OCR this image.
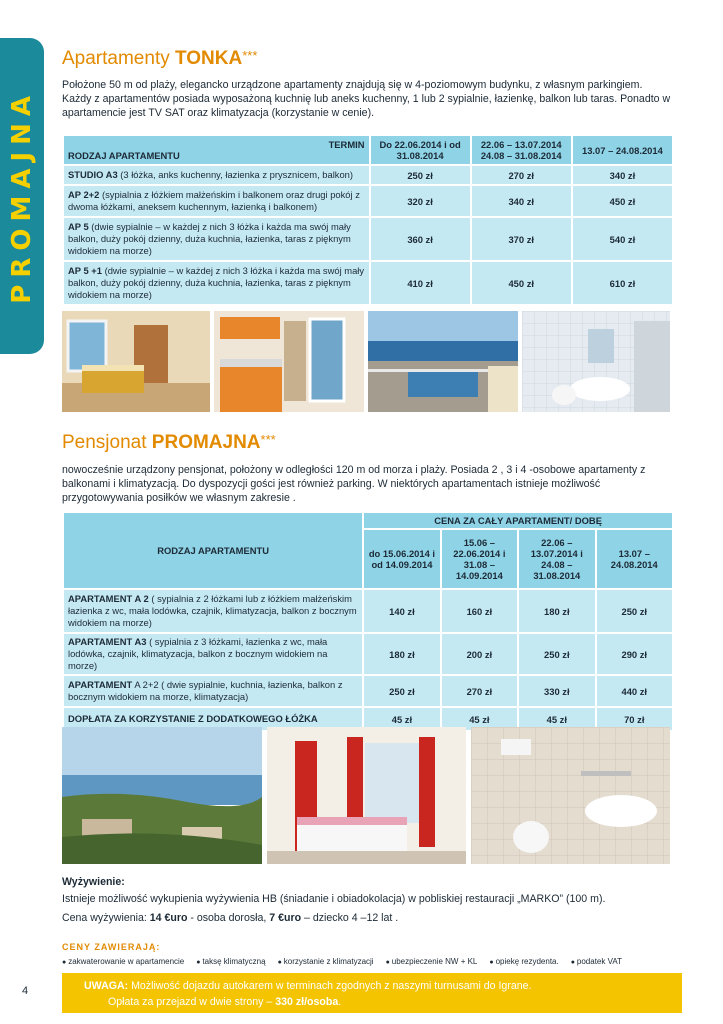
PROMAJNA
Apartamenty TONKA***
Położone 50 m od plaży, elegancko urządzone apartamenty znajdują się w 4-poziomowym budynku, z własnym parkingiem. Każdy z apartamentów posiada wyposażoną kuchnię lub aneks kuchenny, 1 lub 2 sypialnie, łazienkę, balkon lub taras. Ponadto w apartamencie jest TV SAT oraz klimatyzacja (korzystanie w cenie).
TERMIN
RODZAJ APARTAMENTU	Do 22.06.2014 i od 31.08.2014	22.06 – 13.07.2014 24.08 – 31.08.2014	13.07 – 24.08.2014
STUDIO A3 (3 łóżka, anks kuchenny, łazienka z prysznicem, balkon)	250 zł	270 zł	340 zł
AP 2+2 (sypialnia z łóżkiem małżeńskim i balkonem oraz drugi pokój z dwoma łóżkami, aneksem kuchennym, łazienką i balkonem)	320 zł	340 zł	450 zł
AP 5 (dwie sypialnie – w każdej z nich 3 łóżka i każda ma swój mały balkon, duży pokój dzienny, duża kuchnia, łazienka, taras z pięknym widokiem na morze)	360 zł	370 zł	540 zł
AP 5 +1 (dwie sypialnie – w każdej z nich 3 łóżka i każda ma swój mały balkon, duży pokój dzienny, duża kuchnia, łazienka, taras z pięknym widokiem na morze)	410 zł	450 zł	610 zł
Pensjonat PROMAJNA***
nowocześnie urządzony pensjonat, położony w odległości 120 m od morza i plaży. Posiada 2 , 3 i 4 -osobowe apartamenty z balkonami i klimatyzacją. Do dyspozycji gości jest również parking. W niektórych apartamentach istnieje możliwość przygotowywania posiłków we własnym zakresie .
RODZAJ APARTAMENTU	CENA ZA CAŁY APARTAMENT/ DOBĘ			
	do 15.06.2014 i od 14.09.2014	15.06 –22.06.2014 i 31.08 –14.09.2014	22.06 –13.07.2014 i 24.08 –31.08.2014	13.07 – 24.08.2014
APARTAMENT A 2 ( sypialnia z 2 łóżkami lub z łóżkiem małżeńskim łazienka z wc, mała lodówka, czajnik, klimatyzacja, balkon z bocznym widokiem na morze)	140 zł	160 zł	180 zł	250 zł
APARTAMENT A3 ( sypialnia z 3 łóżkami, łazienka z wc, mała lodówka, czajnik, klimatyzacja, balkon z bocznym widokiem na morze)	180 zł	200 zł	250 zł	290 zł
APARTAMENT A 2+2 ( dwie sypialnie, kuchnia, łazienka, balkon z bocznym widokiem na morze, klimatyzacja)	250 zł	270 zł	330 zł	440 zł
DOPŁATA ZA KORZYSTANIE Z DODATKOWEGO ŁÓŻKA	45 zł	45 zł	45 zł	70 zł
Wyżywienie:
Istnieje możliwość wykupienia wyżywienia HB (śniadanie i obiadokolacja) w pobliskiej restauracji „MARKO” (100 m).
Cena wyżywienia: 14 €uro - osoba dorosła, 7 €uro – dziecko 4 –12 lat .
CENY ZAWIERAJĄ:
● zakwaterowanie w apartamencie	● taksę klimatyczną	● korzystanie z klimatyzacji	● ubezpieczenie NW + KL	● opiekę rezydenta.	● podatek VAT
UWAGA: Możliwość dojazdu autokarem w terminach zgodnych z naszymi turnusami do Igrane.
Opłata za przejazd w dwie strony – 330 zł/osoba.
4
